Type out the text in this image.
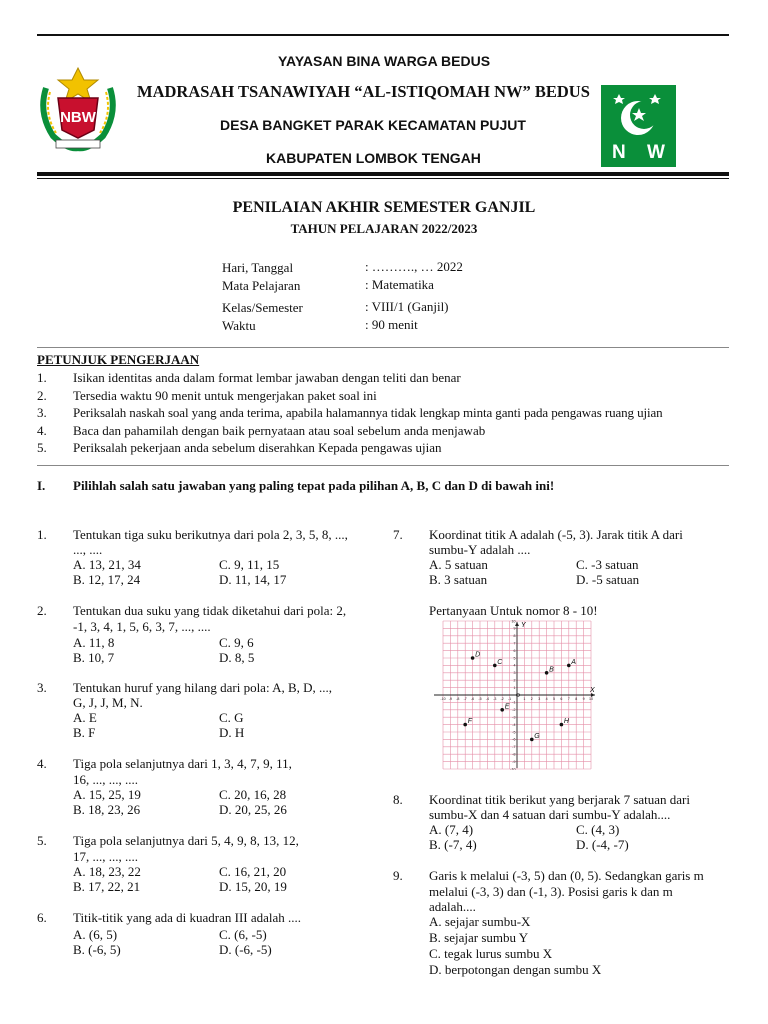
NBW
YAYASAN BINA WARGA BEDUS
MADRASAH TSANAWIYAH “AL-ISTIQOMAH NW” BEDUS
DESA BANGKET PARAK KECAMATAN PUJUT
KABUPATEN LOMBOK TENGAH	N W
PENILAIAN AKHIR SEMESTER GANJIL
TAHUN PELAJARAN 2022/2023
Hari, Tanggal	: ………., … 2022
Mata Pelajaran	: Matematika
Kelas/Semester	: VIII/1 (Ganjil)
Waktu	: 90 menit
PETUNJUK PENGERJAAN
1. Isikan identitas anda dalam format lembar jawaban dengan teliti dan benar
2. Tersedia waktu 90 menit untuk mengerjakan paket soal ini
3. Periksalah naskah soal yang anda terima, apabila halamannya tidak lengkap minta ganti pada pengawas ruang ujian
4. Baca dan pahamilah dengan baik pernyataan atau soal sebelum anda menjawab
5. Periksalah pekerjaan anda sebelum diserahkan Kepada pengawas ujian
I. Pilihlah salah satu jawaban yang paling tepat pada pilihan A, B, C dan D di bawah ini!
1. Tentukan tiga suku berikutnya dari pola 2, 3, 5, 8, ...,
..., ....
A. 13, 21, 34	C. 9, 11, 15
B. 12, 17, 24	D. 11, 14, 17
2. Tentukan dua suku yang tidak diketahui dari pola: 2,
-1, 3, 4, 1, 5, 6, 3, 7, ..., ....
A. 11, 8	C. 9, 6
B. 10, 7	D. 8, 5
3. Tentukan huruf yang hilang dari pola: A, B, D, ...,
G, J, J, M, N.
A. E	C. G
B. F	D. H
4. Tiga pola selanjutnya dari 1, 3, 4, 7, 9, 11,
16, ..., ..., ....
A. 15, 25, 19	C. 20, 16, 28
B. 18, 23, 26	D. 20, 25, 26
5. Tiga pola selanjutnya dari 5, 4, 9, 8, 13, 12,
17, ..., ..., ....
A. 18, 23, 22	C. 16, 21, 20
B. 17, 22, 21	D. 15, 20, 19
6. Titik-titik yang ada di kuadran III adalah ....
A. (6, 5)	C. (6, -5)
B. (-6, 5)	D. (-6, -5)
7. Koordinat titik A adalah (-5, 3). Jarak titik A dari
sumbu-Y adalah ....
A. 5 satuan	C. -3 satuan
B. 3 satuan	D. -5 satuan
Pertanyaan Untuk nomor 8 - 10!
-10
-10
-9
-9
-8
-8
-7
-7
-6
-6
-5
-5
-4
-4
-3
-3
-2
-2
-1
-1
1
1
2
2
3
3
4
4
5
5
6
6
7
7
8
8
9
9
10
10
A
B
C
D
E
F
G
H
X
Y
O
8. Koordinat titik berikut yang berjarak 7 satuan dari
sumbu-X dan 4 satuan dari sumbu-Y adalah....
A. (7, 4)	C. (4, 3)
B. (-7, 4)	D. (-4, -7)
9. Garis k melalui (-3, 5) dan (0, 5). Sedangkan garis m
melalui (-3, 3) dan (-1, 3). Posisi garis k dan m
adalah....
A. sejajar sumbu-X
B. sejajar sumbu Y
C. tegak lurus sumbu X
D. berpotongan dengan sumbu X
